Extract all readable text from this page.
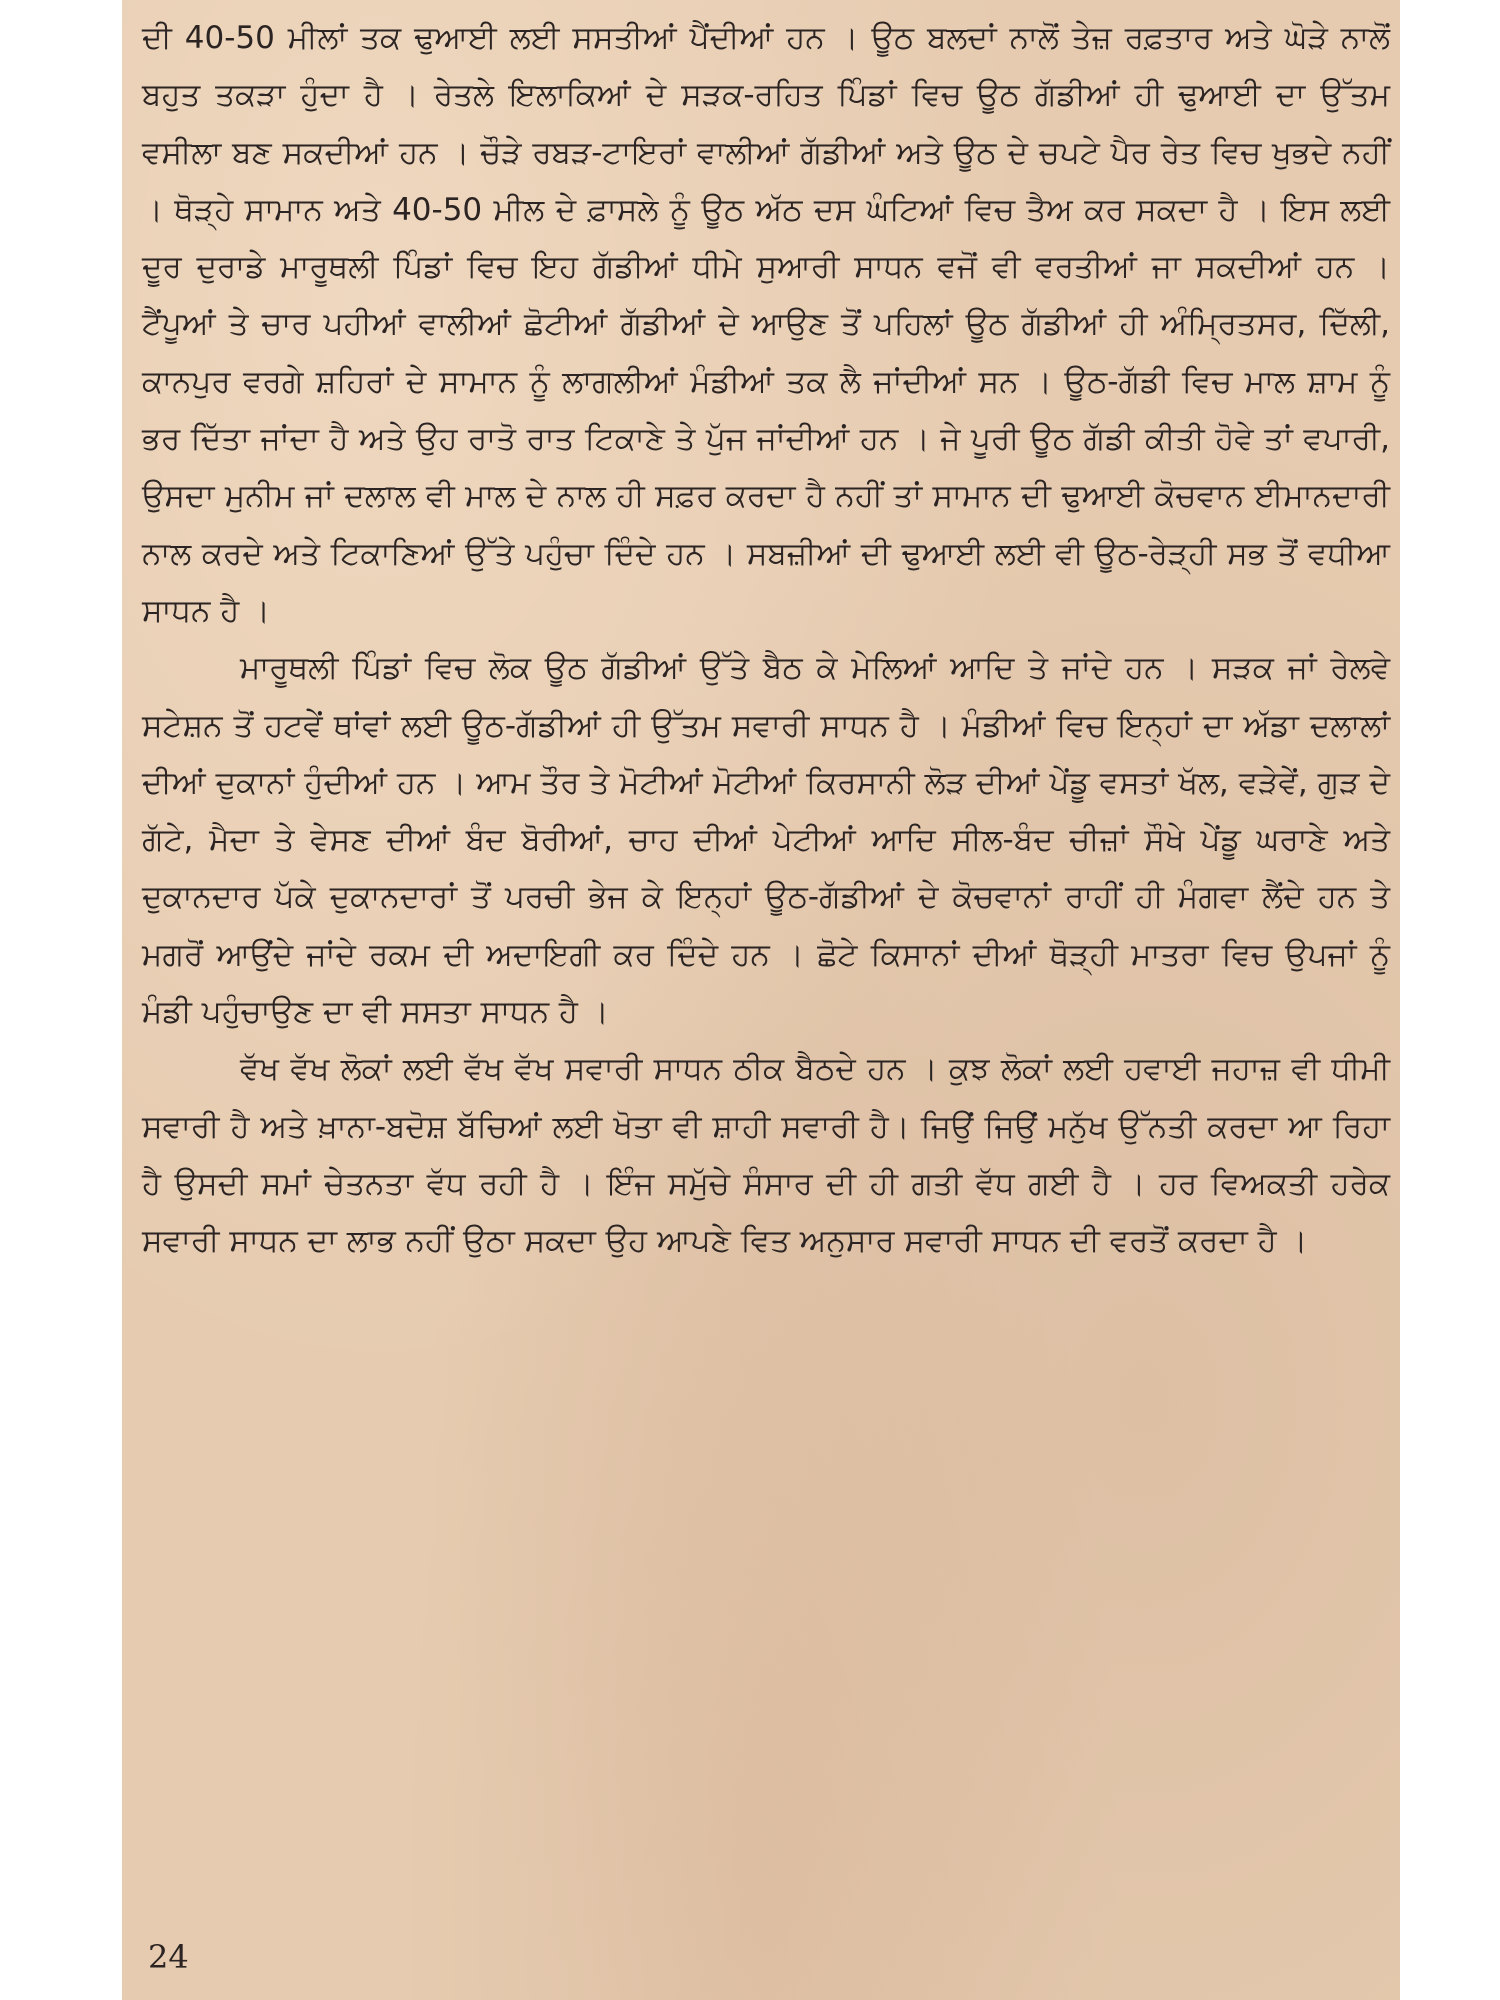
ਦੀ 40-50 ਮੀਲਾਂ ਤਕ ਢੁਆਈ ਲਈ ਸਸਤੀਆਂ ਪੈਂਦੀਆਂ ਹਨ । ਊਠ ਬਲਦਾਂ ਨਾਲੋਂ ਤੇਜ਼ ਰਫ਼ਤਾਰ ਅਤੇ ਘੋੜੇ ਨਾਲੋਂ ਬਹੁਤ ਤਕੜਾ ਹੁੰਦਾ ਹੈ । ਰੇਤਲੇ ਇਲਾਕਿਆਂ ਦੇ ਸੜਕ-ਰਹਿਤ ਪਿੰਡਾਂ ਵਿਚ ਊਠ ਗੱਡੀਆਂ ਹੀ ਢੁਆਈ ਦਾ ਉੱਤਮ ਵਸੀਲਾ ਬਣ ਸਕਦੀਆਂ ਹਨ । ਚੌੜੇ ਰਬੜ-ਟਾਇਰਾਂ ਵਾਲੀਆਂ ਗੱਡੀਆਂ ਅਤੇ ਊਠ ਦੇ ਚਪਟੇ ਪੈਰ ਰੇਤ ਵਿਚ ਖੁਭਦੇ ਨਹੀਂ । ਥੋੜ੍ਹੇ ਸਾਮਾਨ ਅਤੇ 40-50 ਮੀਲ ਦੇ ਫ਼ਾਸਲੇ ਨੂੰ ਊਠ ਅੱਠ ਦਸ ਘੰਟਿਆਂ ਵਿਚ ਤੈਅ ਕਰ ਸਕਦਾ ਹੈ । ਇਸ ਲਈ ਦੂਰ ਦੁਰਾਡੇ ਮਾਰੂਥਲੀ ਪਿੰਡਾਂ ਵਿਚ ਇਹ ਗੱਡੀਆਂ ਧੀਮੇ ਸੁਆਰੀ ਸਾਧਨ ਵਜੋਂ ਵੀ ਵਰਤੀਆਂ ਜਾ ਸਕਦੀਆਂ ਹਨ । ਟੈਂਪੂਆਂ ਤੇ ਚਾਰ ਪਹੀਆਂ ਵਾਲੀਆਂ ਛੋਟੀਆਂ ਗੱਡੀਆਂ ਦੇ ਆਉਣ ਤੋਂ ਪਹਿਲਾਂ ਊਠ ਗੱਡੀਆਂ ਹੀ ਅੰਮ੍ਰਿਤਸਰ, ਦਿੱਲੀ, ਕਾਨਪੁਰ ਵਰਗੇ ਸ਼ਹਿਰਾਂ ਦੇ ਸਾਮਾਨ ਨੂੰ ਲਾਗਲੀਆਂ ਮੰਡੀਆਂ ਤਕ ਲੈ ਜਾਂਦੀਆਂ ਸਨ । ਊਠ-ਗੱਡੀ ਵਿਚ ਮਾਲ ਸ਼ਾਮ ਨੂੰ ਭਰ ਦਿੱਤਾ ਜਾਂਦਾ ਹੈ ਅਤੇ ਉਹ ਰਾਤੋ ਰਾਤ ਟਿਕਾਣੇ ਤੇ ਪੁੱਜ ਜਾਂਦੀਆਂ ਹਨ । ਜੇ ਪੂਰੀ ਊਠ ਗੱਡੀ ਕੀਤੀ ਹੋਵੇ ਤਾਂ ਵਪਾਰੀ, ਉਸਦਾ ਮੁਨੀਮ ਜਾਂ ਦਲਾਲ ਵੀ ਮਾਲ ਦੇ ਨਾਲ ਹੀ ਸਫ਼ਰ ਕਰਦਾ ਹੈ ਨਹੀਂ ਤਾਂ ਸਾਮਾਨ ਦੀ ਢੁਆਈ ਕੋਚਵਾਨ ਈਮਾਨਦਾਰੀ ਨਾਲ ਕਰਦੇ ਅਤੇ ਟਿਕਾਣਿਆਂ ਉੱਤੇ ਪਹੁੰਚਾ ਦਿੰਦੇ ਹਨ । ਸਬਜ਼ੀਆਂ ਦੀ ਢੁਆਈ ਲਈ ਵੀ ਊਠ-ਰੇੜ੍ਹੀ ਸਭ ਤੋਂ ਵਧੀਆ ਸਾਧਨ ਹੈ ।

ਮਾਰੂਥਲੀ ਪਿੰਡਾਂ ਵਿਚ ਲੋਕ ਊਠ ਗੱਡੀਆਂ ਉੱਤੇ ਬੈਠ ਕੇ ਮੇਲਿਆਂ ਆਦਿ ਤੇ ਜਾਂਦੇ ਹਨ । ਸੜਕ ਜਾਂ ਰੇਲਵੇ ਸਟੇਸ਼ਨ ਤੋਂ ਹਟਵੇਂ ਥਾਂਵਾਂ ਲਈ ਊਠ-ਗੱਡੀਆਂ ਹੀ ਉੱਤਮ ਸਵਾਰੀ ਸਾਧਨ ਹੈ । ਮੰਡੀਆਂ ਵਿਚ ਇਨ੍ਹਾਂ ਦਾ ਅੱਡਾ ਦਲਾਲਾਂ ਦੀਆਂ ਦੁਕਾਨਾਂ ਹੁੰਦੀਆਂ ਹਨ । ਆਮ ਤੌਰ ਤੇ ਮੋਟੀਆਂ ਮੋਟੀਆਂ ਕਿਰਸਾਨੀ ਲੋੜ ਦੀਆਂ ਪੇਂਡੂ ਵਸਤਾਂ ਖੱਲ, ਵੜੇਵੇਂ, ਗੁੜ ਦੇ ਗੱਟੇ, ਮੈਦਾ ਤੇ ਵੇਸਣ ਦੀਆਂ ਬੰਦ ਬੋਰੀਆਂ, ਚਾਹ ਦੀਆਂ ਪੇਟੀਆਂ ਆਦਿ ਸੀਲ-ਬੰਦ ਚੀਜ਼ਾਂ ਸੌਖੇ ਪੇਂਡੂ ਘਰਾਣੇ ਅਤੇ ਦੁਕਾਨਦਾਰ ਪੱਕੇ ਦੁਕਾਨਦਾਰਾਂ ਤੋਂ ਪਰਚੀ ਭੇਜ ਕੇ ਇਨ੍ਹਾਂ ਊਠ-ਗੱਡੀਆਂ ਦੇ ਕੋਚਵਾਨਾਂ ਰਾਹੀਂ ਹੀ ਮੰਗਵਾ ਲੈਂਦੇ ਹਨ ਤੇ ਮਗਰੋਂ ਆਉਂਦੇ ਜਾਂਦੇ ਰਕਮ ਦੀ ਅਦਾਇਗੀ ਕਰ ਦਿੰਦੇ ਹਨ । ਛੋਟੇ ਕਿਸਾਨਾਂ ਦੀਆਂ ਥੋੜ੍ਹੀ ਮਾਤਰਾ ਵਿਚ ਉਪਜਾਂ ਨੂੰ ਮੰਡੀ ਪਹੁੰਚਾਉਣ ਦਾ ਵੀ ਸਸਤਾ ਸਾਧਨ ਹੈ ।

ਵੱਖ ਵੱਖ ਲੋਕਾਂ ਲਈ ਵੱਖ ਵੱਖ ਸਵਾਰੀ ਸਾਧਨ ਠੀਕ ਬੈਠਦੇ ਹਨ । ਕੁਝ ਲੋਕਾਂ ਲਈ ਹਵਾਈ ਜਹਾਜ਼ ਵੀ ਧੀਮੀ ਸਵਾਰੀ ਹੈ ਅਤੇ ਖ਼ਾਨਾ-ਬਦੋਸ਼ ਬੱਚਿਆਂ ਲਈ ਖੋਤਾ ਵੀ ਸ਼ਾਹੀ ਸਵਾਰੀ ਹੈ। ਜਿਉਂ ਜਿਉਂ ਮਨੁੱਖ ਉੱਨਤੀ ਕਰਦਾ ਆ ਰਿਹਾ ਹੈ ਉਸਦੀ ਸਮਾਂ ਚੇਤਨਤਾ ਵੱਧ ਰਹੀ ਹੈ । ਇੰਜ ਸਮੁੱਚੇ ਸੰਸਾਰ ਦੀ ਹੀ ਗਤੀ ਵੱਧ ਗਈ ਹੈ । ਹਰ ਵਿਅਕਤੀ ਹਰੇਕ ਸਵਾਰੀ ਸਾਧਨ ਦਾ ਲਾਭ ਨਹੀਂ ਉਠਾ ਸਕਦਾ ਉਹ ਆਪਣੇ ਵਿਤ ਅਨੁਸਾਰ ਸਵਾਰੀ ਸਾਧਨ ਦੀ ਵਰਤੋਂ ਕਰਦਾ ਹੈ ।

24
